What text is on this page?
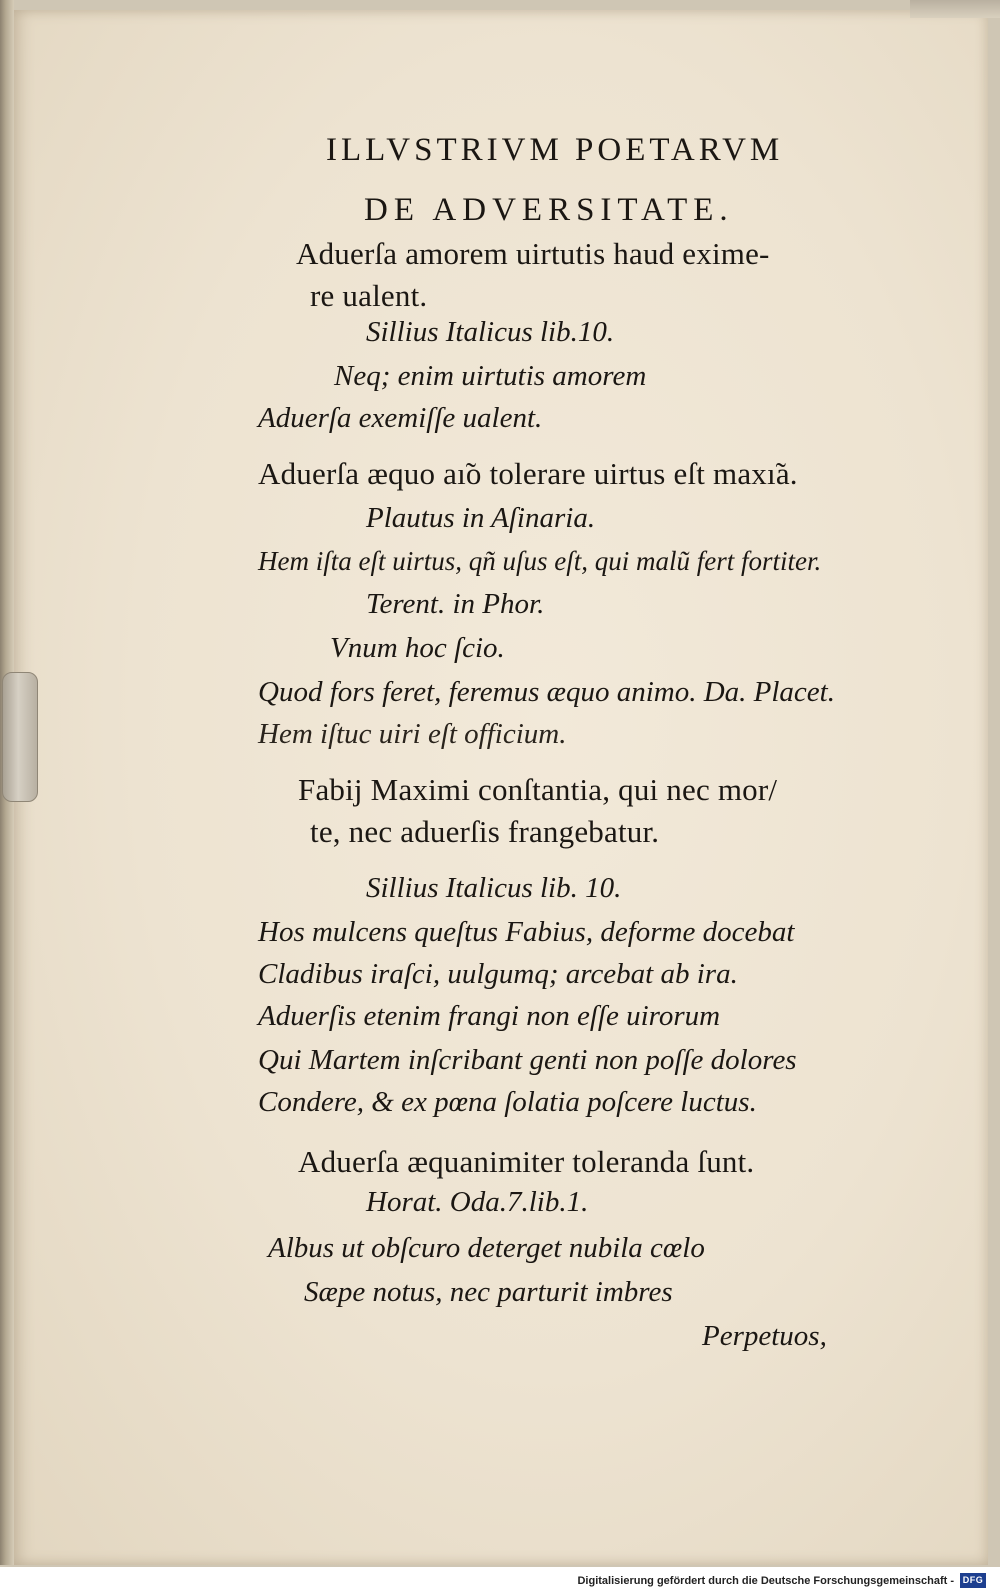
ILLVSTRIVM POETARVM
DE ADVERSITATE.
Aduerſa amorem uirtutis haud exime-
re ualent.
Sillius Italicus lib.10.
Neq; enim uirtutis amorem
Aduerſa exemiſſe ualent.
Aduerſa æquo aı̃o tolerare uirtus eſt maxı̃a.
Plautus in Aſinaria.
Hem iſta eſt uirtus, qñ uſus eſt, qui malũ fert fortiter.
Terent. in Phor.
Vnum hoc ſcio.
Quod fors feret, feremus æquo animo. Da. Placet.
Hem iſtuc uiri eſt officium.
Fabij Maximi conſtantia, qui nec mor/
te, nec aduerſis frangebatur.
Sillius Italicus lib. 10.
Hos mulcens queſtus Fabius, deforme docebat
Cladibus iraſci, uulgumq; arcebat ab ira.
Aduerſis etenim frangi non eſſe uirorum
Qui Martem inſcribant genti non poſſe dolores
Condere, & ex pœna ſolatia poſcere luctus.
Aduerſa æquanimiter toleranda ſunt.
Horat. Oda.7.lib.1.
Albus ut obſcuro deterget nubila cœlo
Sæpe notus, nec parturit imbres
Perpetuos,
Digitalisierung gefördert durch die Deutsche Forschungsgemeinschaft - DFG
